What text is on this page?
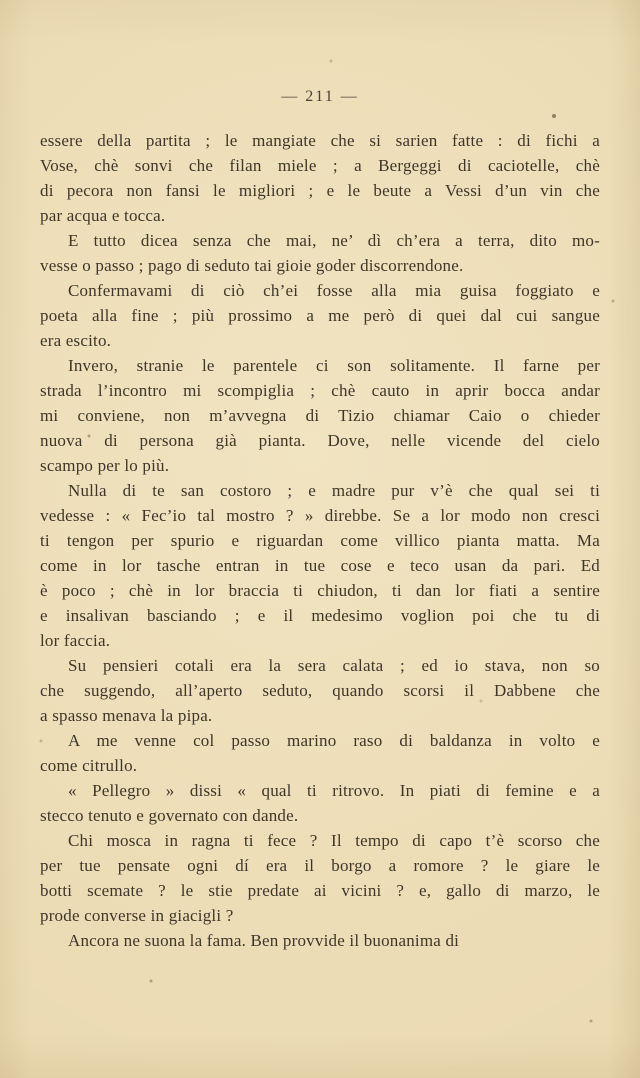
— 211 —

essere della partita ; le mangiate che si sarien fatte : di fichi a
Vose, chè sonvi che filan miele ; a Bergeggi di caciotelle, chè
di pecora non fansi le migliori ; e le beute a Vessi d’un vin che
par acqua e tocca.

E tutto dicea senza che mai, ne’ dì ch’era a terra, dito mo-
vesse o passo ; pago di seduto tai gioie goder discorrendone.

Confermavami di ciò ch’ei fosse alla mia guisa foggiato e
poeta alla fine ; più prossimo a me però di quei dal cui sangue
era escito.

Invero, stranie le parentele ci son solitamente. Il farne per
strada l’incontro mi scompiglia ; chè cauto in aprir bocca andar
mi conviene, non m’avvegna di Tizio chiamar Caio o chieder
nuova di persona già pianta. Dove, nelle vicende del cielo
scampo per lo più.

Nulla di te san costoro ; e madre pur v’è che qual sei ti
vedesse : « Fec’io tal mostro ? » direbbe. Se a lor modo non cresci
ti tengon per spurio e riguardan come villico pianta matta. Ma
come in lor tasche entran in tue cose e teco usan da pari. Ed
è poco ; chè in lor braccia ti chiudon, ti dan lor fiati a sentire
e insalivan basciando ; e il medesimo voglion poi che tu di
lor faccia.

Su pensieri cotali era la sera calata ; ed io stava, non so
che suggendo, all’aperto seduto, quando scorsi il Dabbene che
a spasso menava la pipa.

A me venne col passo marino raso di baldanza in volto e
come citrullo.

« Pellegro » dissi « qual ti ritrovo. In piati di femine e a
stecco tenuto e governato con dande.

Chi mosca in ragna ti fece ? Il tempo di capo t’è scorso che
per tue pensate ogni dí era il borgo a romore ? le giare le
botti scemate ? le stie predate ai vicini ? e, gallo di marzo, le
prode converse in giacigli ?

Ancora ne suona la fama. Ben provvide il buonanima di
